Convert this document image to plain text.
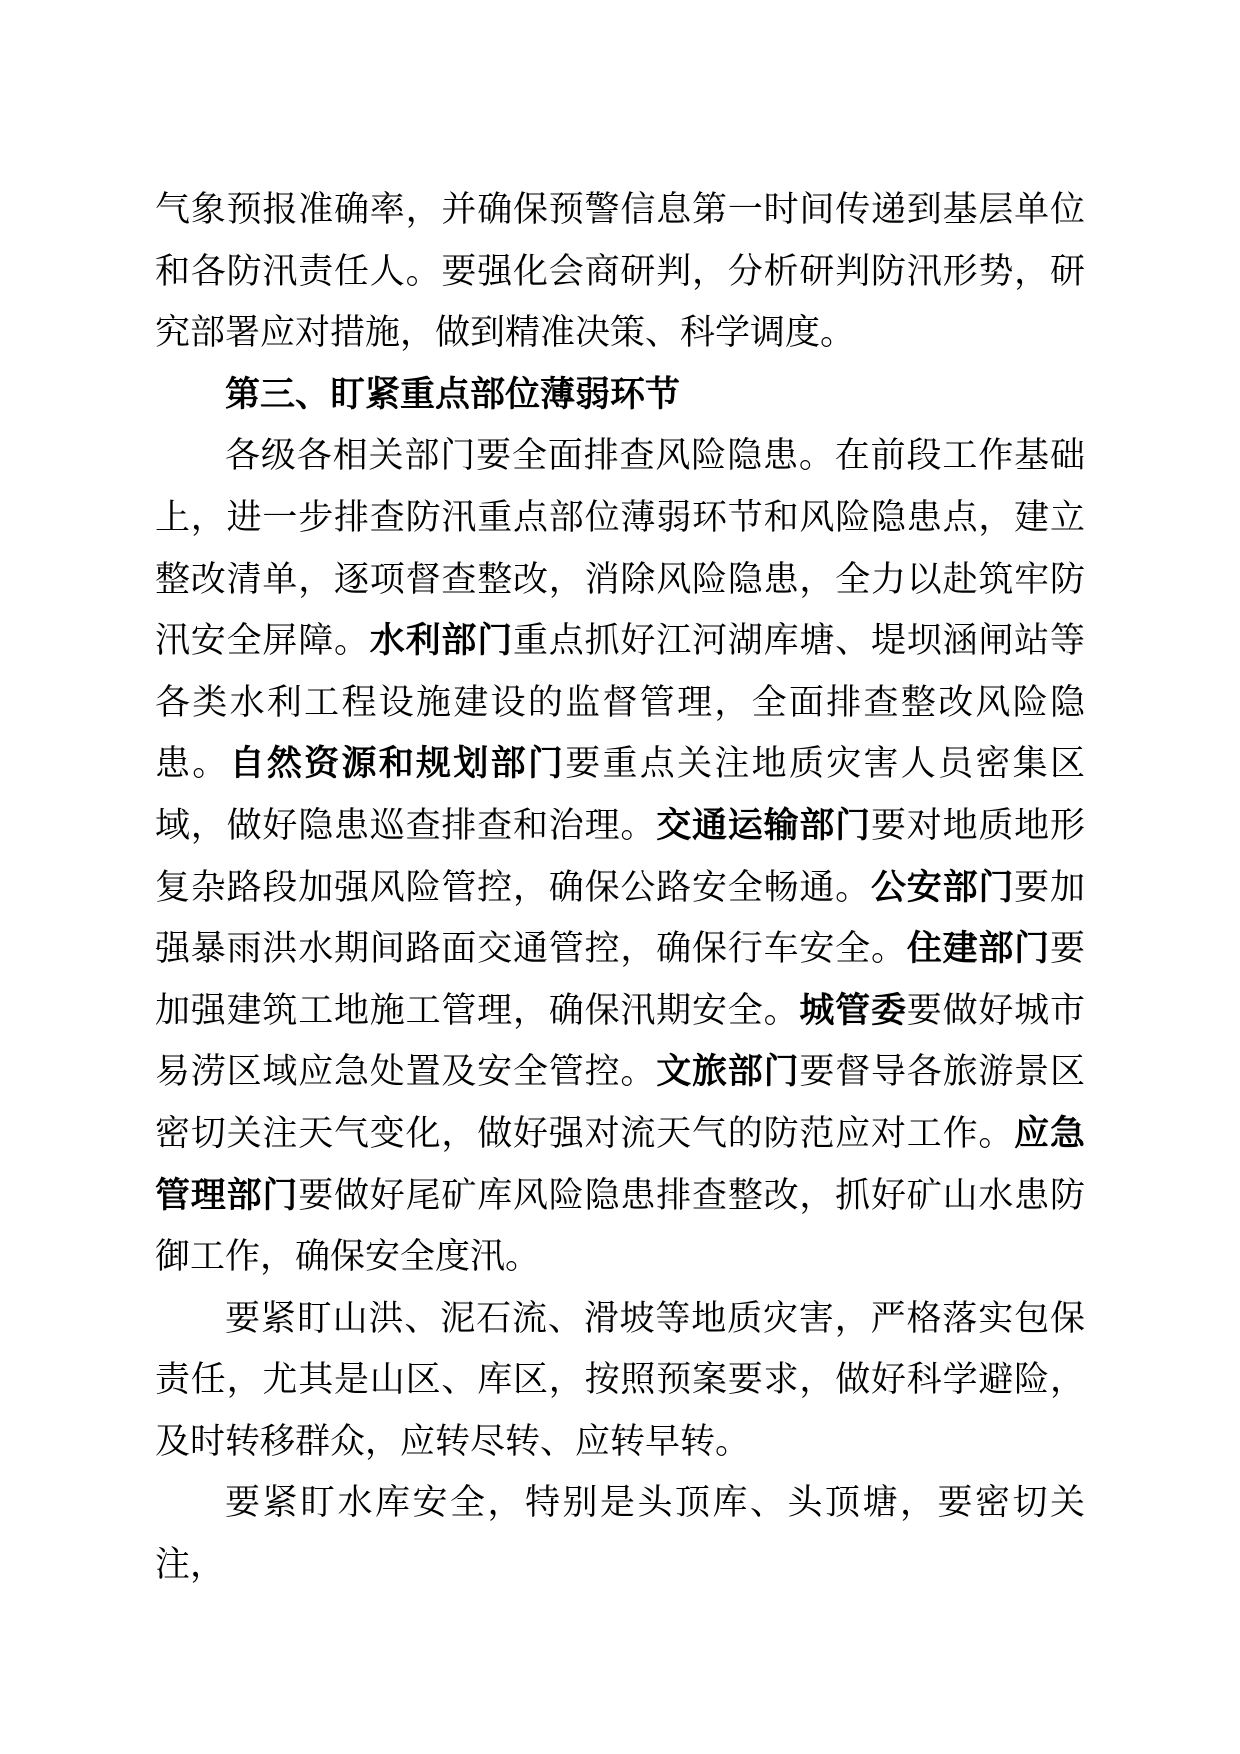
气象预报准确率，并确保预警信息第一时间传递到基层单位和各防汛责任人。要强化会商研判，分析研判防汛形势，研究部署应对措施，做到精准决策、科学调度。

第三、盯紧重点部位薄弱环节

各级各相关部门要全面排查风险隐患。在前段工作基础上，进一步排查防汛重点部位薄弱环节和风险隐患点，建立整改清单，逐项督查整改，消除风险隐患，全力以赴筑牢防汛安全屏障。水利部门重点抓好江河湖库塘、堤坝涵闸站等各类水利工程设施建设的监督管理，全面排查整改风险隐患。自然资源和规划部门要重点关注地质灾害人员密集区域，做好隐患巡查排查和治理。交通运输部门要对地质地形复杂路段加强风险管控，确保公路安全畅通。公安部门要加强暴雨洪水期间路面交通管控，确保行车安全。住建部门要加强建筑工地施工管理，确保汛期安全。城管委要做好城市易涝区域应急处置及安全管控。文旅部门要督导各旅游景区密切关注天气变化，做好强对流天气的防范应对工作。应急管理部门要做好尾矿库风险隐患排查整改，抓好矿山水患防御工作，确保安全度汛。

要紧盯山洪、泥石流、滑坡等地质灾害，严格落实包保责任，尤其是山区、库区，按照预案要求，做好科学避险，及时转移群众，应转尽转、应转早转。

要紧盯水库安全，特别是头顶库、头顶塘，要密切关注，
